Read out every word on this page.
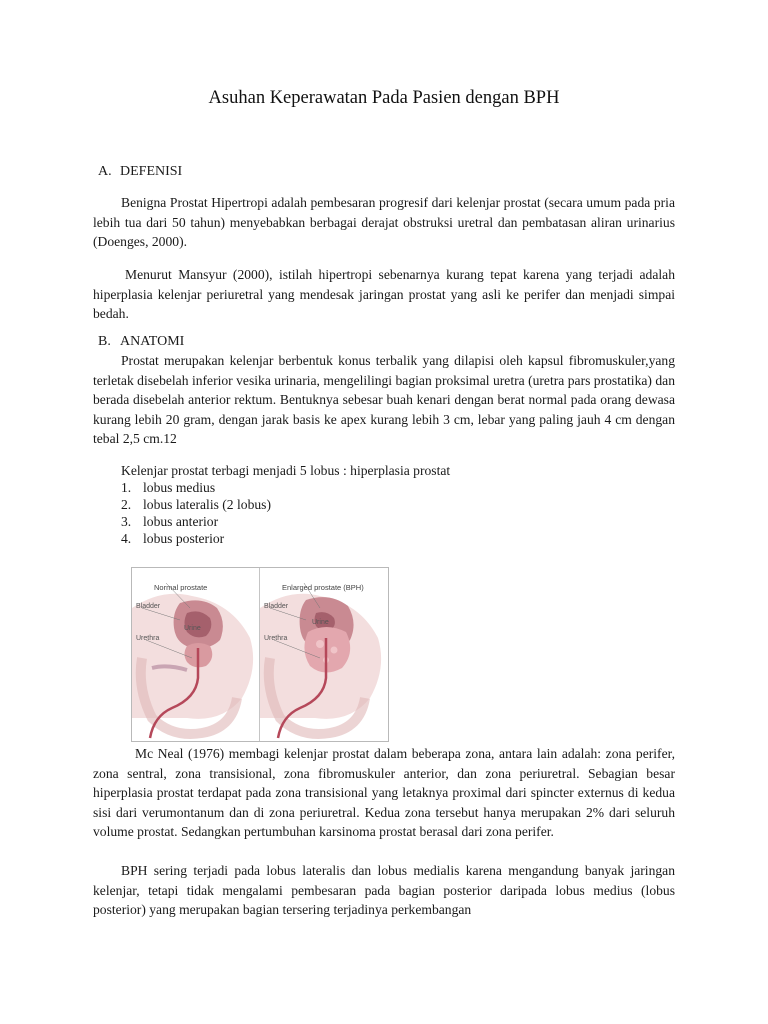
Asuhan Keperawatan Pada Pasien dengan BPH
A. DEFENISI
Benigna Prostat Hipertropi adalah pembesaran progresif dari kelenjar prostat (secara umum pada pria lebih tua dari 50 tahun) menyebabkan berbagai derajat obstruksi uretral dan pembatasan aliran urinarius (Doenges, 2000).
Menurut Mansyur (2000), istilah hipertropi sebenarnya kurang tepat karena yang terjadi adalah hiperplasia kelenjar periuretral yang mendesak jaringan prostat yang asli ke perifer dan menjadi simpai bedah.
B. ANATOMI
Prostat merupakan kelenjar berbentuk konus terbalik yang dilapisi oleh kapsul fibromuskuler,yang terletak disebelah inferior vesika urinaria, mengelilingi bagian proksimal uretra (uretra pars prostatika) dan berada disebelah anterior rektum. Bentuknya sebesar buah kenari dengan berat normal pada orang dewasa kurang lebih 20 gram, dengan jarak basis ke apex kurang lebih 3 cm, lebar yang paling jauh 4 cm dengan tebal 2,5 cm.12
Kelenjar prostat terbagi menjadi 5 lobus : hiperplasia prostat
1. lobus medius
2. lobus lateralis (2 lobus)
3. lobus anterior
4. lobus posterior
Normal prostate
Bladder
Urine
Urethra
Enlarged prostate (BPH)
Bladder
Urine
Urethra
Mc Neal (1976) membagi kelenjar prostat dalam beberapa zona, antara lain adalah: zona perifer, zona sentral, zona transisional, zona fibromuskuler anterior, dan zona periuretral. Sebagian besar hiperplasia prostat terdapat pada zona transisional yang letaknya proximal dari spincter externus di kedua sisi dari verumontanum dan di zona periuretral. Kedua zona tersebut hanya merupakan 2% dari seluruh volume prostat. Sedangkan pertumbuhan karsinoma prostat berasal dari zona perifer.
BPH sering terjadi pada lobus lateralis dan lobus medialis karena mengandung banyak jaringan kelenjar, tetapi tidak mengalami pembesaran pada bagian posterior daripada lobus medius (lobus posterior) yang merupakan bagian tersering terjadinya perkembangan
